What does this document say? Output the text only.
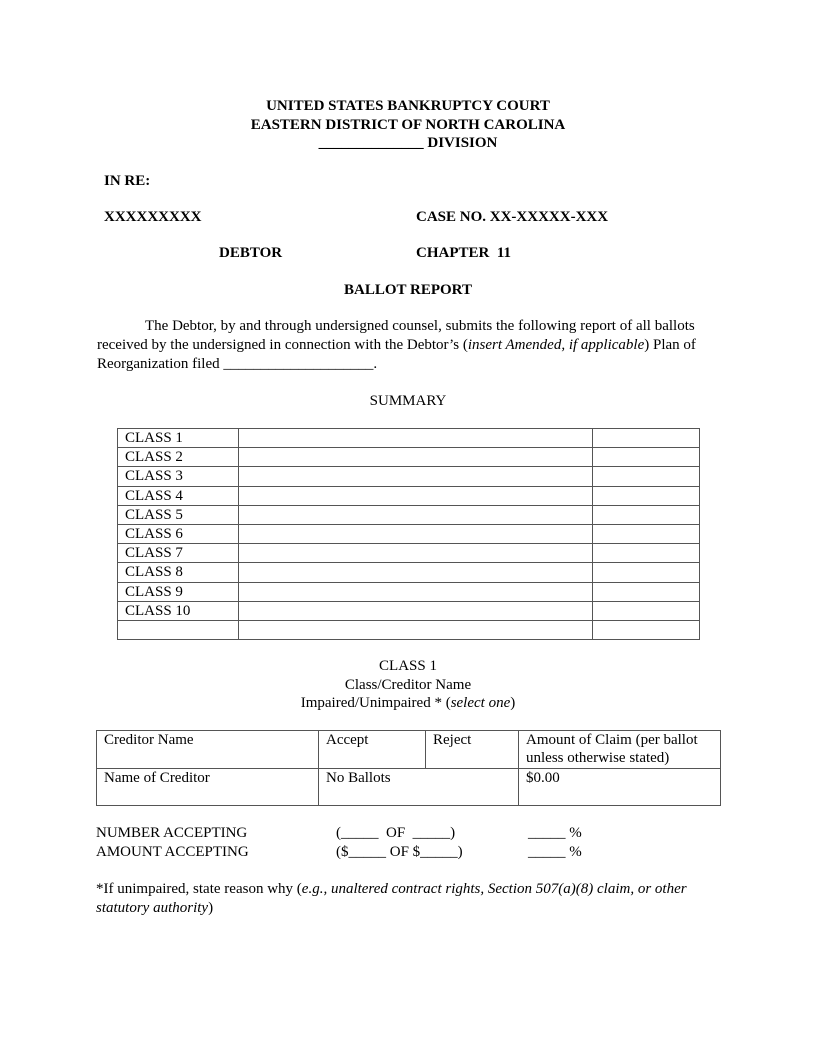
UNITED STATES BANKRUPTCY COURT
EASTERN DISTRICT OF NORTH CAROLINA
______________ DIVISION
IN RE:
XXXXXXXXX	CASE NO. XX-XXXXX-XXX
DEBTOR	CHAPTER  11
BALLOT REPORT
The Debtor, by and through undersigned counsel, submits the following report of all ballots received by the undersigned in connection with the Debtor’s (insert Amended, if applicable) Plan of Reorganization filed ____________________.
SUMMARY
CLASS 1		
CLASS 2		
CLASS 3		
CLASS 4		
CLASS 5		
CLASS 6		
CLASS 7		
CLASS 8		
CLASS 9		
CLASS 10		

CLASS 1
Class/Creditor Name
Impaired/Unimpaired * (select one)
Creditor Name	Accept	Reject	Amount of Claim (per ballot unless otherwise stated)
Name of Creditor	No Ballots		$0.00
NUMBER ACCEPTING	(_____  OF  _____)	_____ %
AMOUNT ACCEPTING	($_____ OF $_____)	_____ %
*If unimpaired, state reason why (e.g., unaltered contract rights, Section 507(a)(8) claim, or other statutory authority)
